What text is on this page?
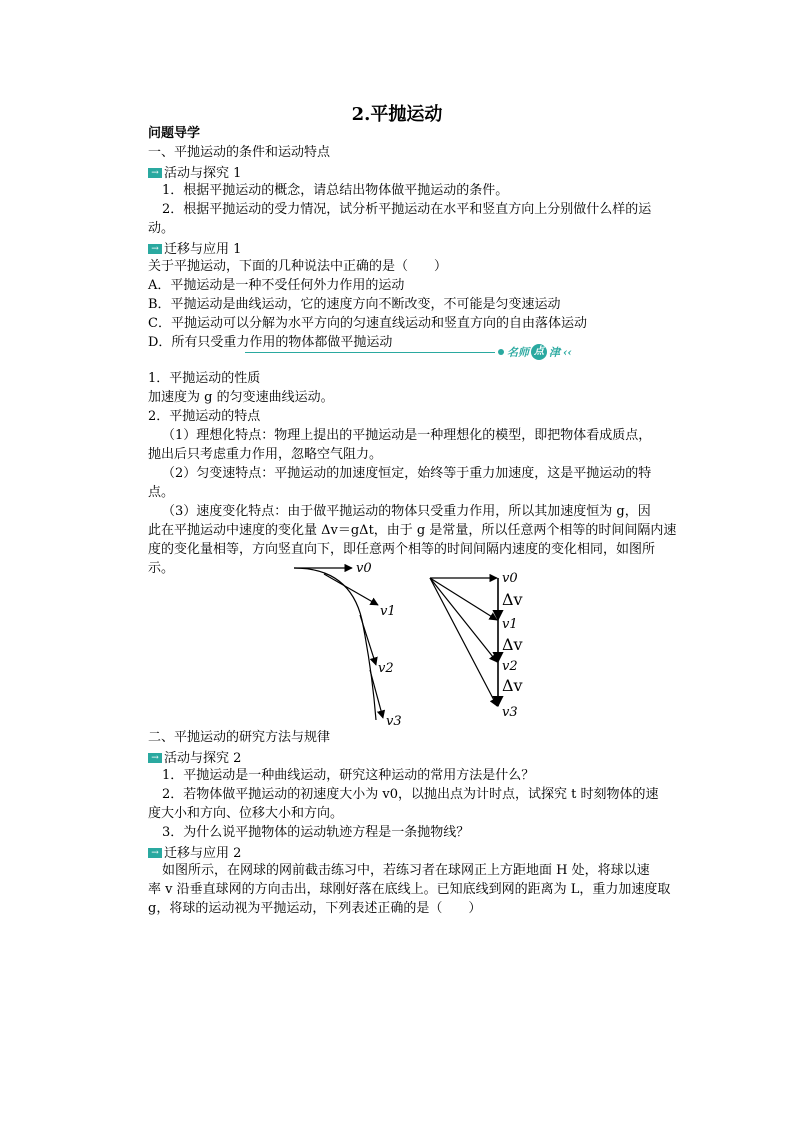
2.平抛运动
问题导学
一、平抛运动的条件和运动特点
→ 活动与探究 1
1．根据平抛运动的概念，请总结出物体做平抛运动的条件。
2．根据平抛运动的受力情况，试分析平抛运动在水平和竖直方向上分别做什么样的运
动。
→ 迁移与应用 1
关于平抛运动，下面的几种说法中正确的是（　　）
A．平抛运动是一种不受任何外力作用的运动
B．平抛运动是曲线运动，它的速度方向不断改变，不可能是匀变速运动
C．平抛运动可以分解为水平方向的匀速直线运动和竖直方向的自由落体运动
D．所有只受重力作用的物体都做平抛运动
名师 点 津 ‹‹
1．平抛运动的性质
加速度为 g 的匀变速曲线运动。
2．平抛运动的特点
（1）理想化特点：物理上提出的平抛运动是一种理想化的模型，即把物体看成质点，
抛出后只考虑重力作用，忽略空气阻力。
（2）匀变速特点：平抛运动的加速度恒定，始终等于重力加速度，这是平抛运动的特
点。
（3）速度变化特点：由于做平抛运动的物体只受重力作用，所以其加速度恒为 g，因
此在平抛运动中速度的变化量 Δv＝gΔt，由于 g 是常量，所以任意两个相等的时间间隔内速
度的变化量相等，方向竖直向下，即任意两个相等的时间间隔内速度的变化相同，如图所
示。	v0
v1
v2
v3
v0
Δv
v1
Δv
v2
Δv
v3
二、平抛运动的研究方法与规律
→ 活动与探究 2
1．平抛运动是一种曲线运动，研究这种运动的常用方法是什么？
2．若物体做平抛运动的初速度大小为 v0，以抛出点为计时点，试探究 t 时刻物体的速
度大小和方向、位移大小和方向。
3．为什么说平抛物体的运动轨迹方程是一条抛物线？
→ 迁移与应用 2
如图所示，在网球的网前截击练习中，若练习者在球网正上方距地面 H 处，将球以速
率 v 沿垂直球网的方向击出，球刚好落在底线上。已知底线到网的距离为 L，重力加速度取
g，将球的运动视为平抛运动，下列表述正确的是（　　）
